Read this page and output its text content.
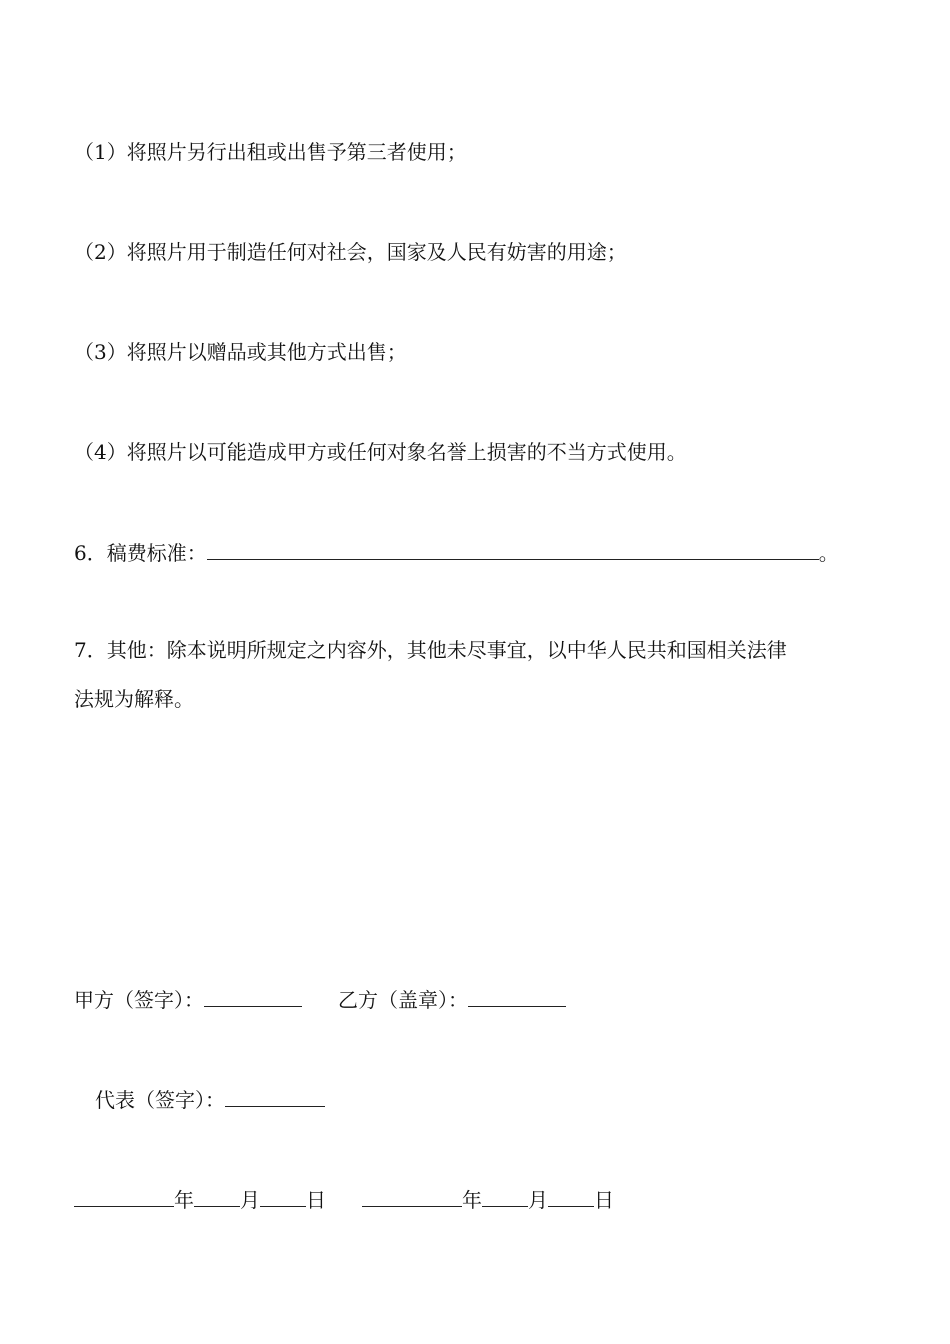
（1）将照片另行出租或出售予第三者使用；
（2）将照片用于制造任何对社会，国家及人民有妨害的用途；
（3）将照片以赠品或其他方式出售；
（4）将照片以可能造成甲方或任何对象名誉上损害的不当方式使用。
6．稿费标准：	。
7．其他：除本说明所规定之内容外，其他未尽事宜，以中华人民共和国相关法律
法规为解释。
甲方（签字）：	乙方（盖章）：
代表（签字）：
年 月 日	年 月 日
